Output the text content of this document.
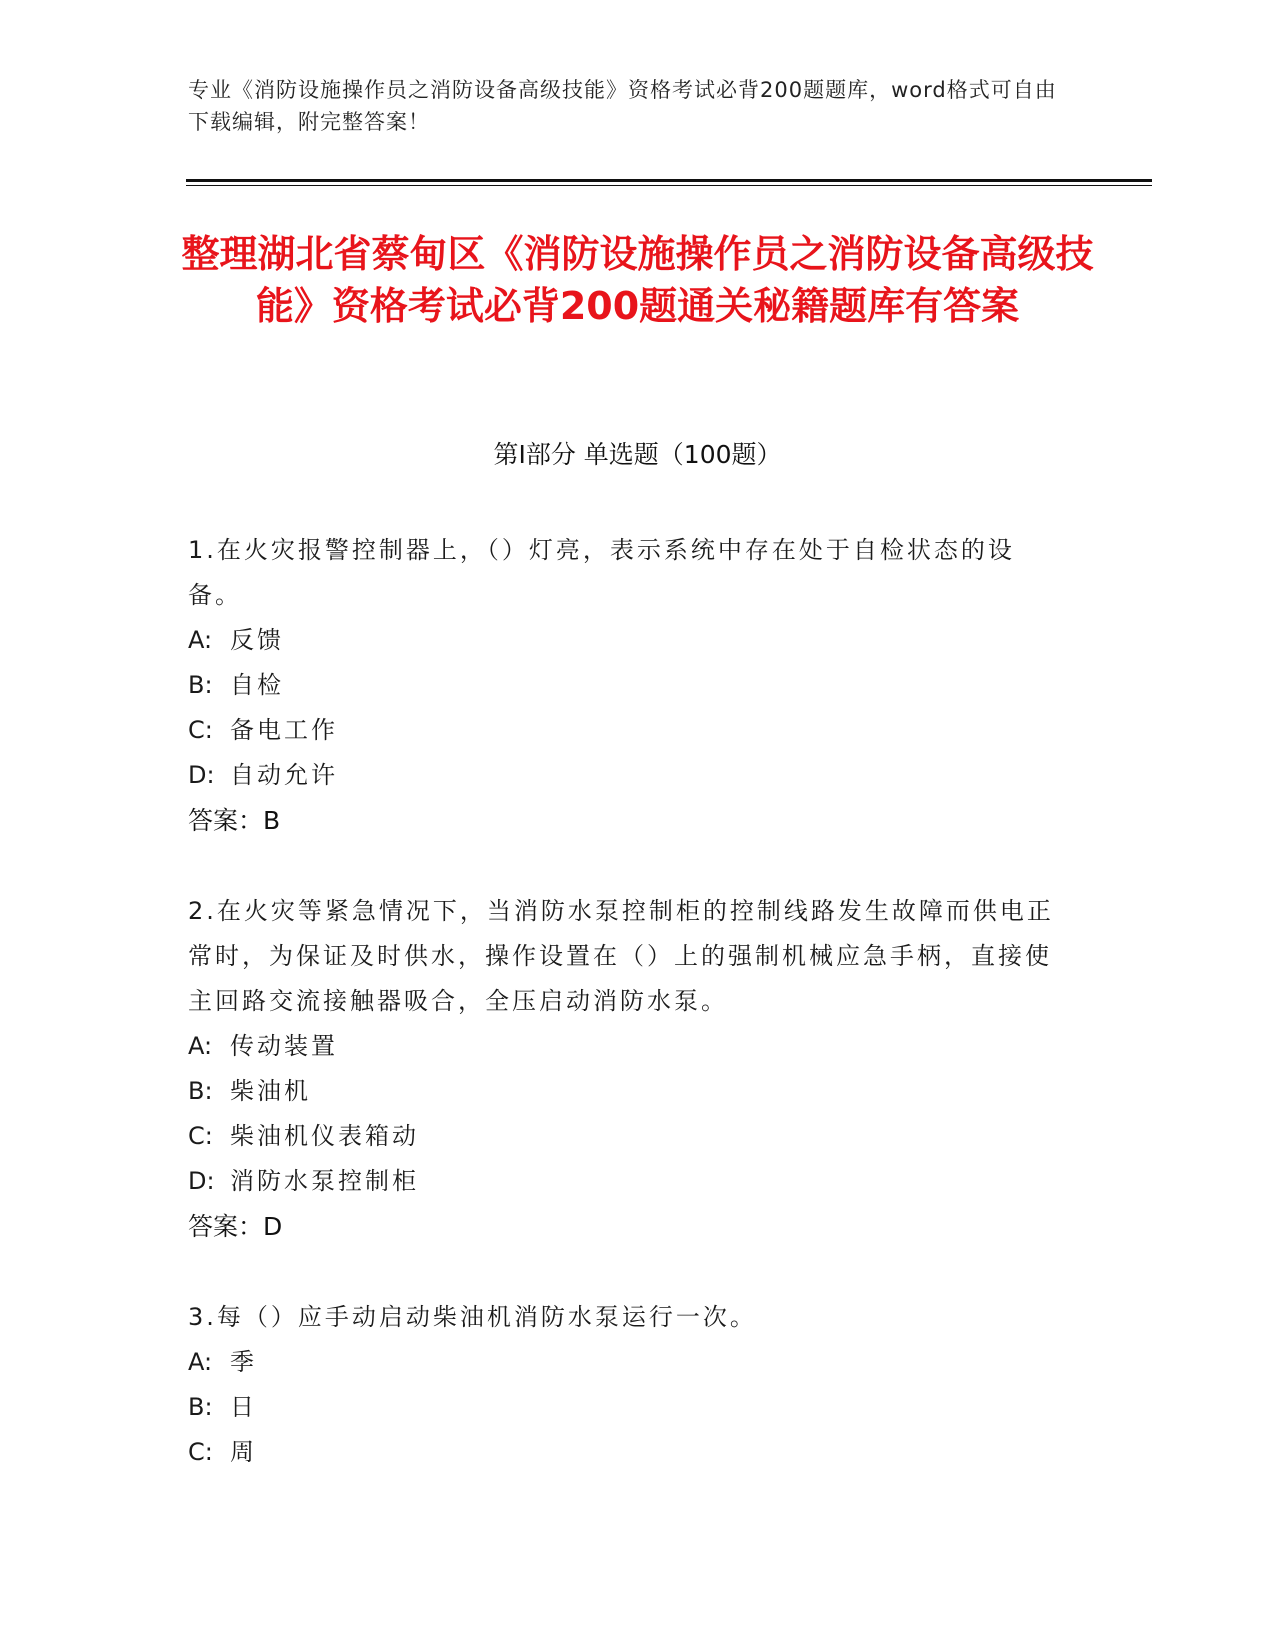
专业《消防设施操作员之消防设备高级技能》资格考试必背200题题库，word格式可自由下载编辑，附完整答案！
整理湖北省蔡甸区《消防设施操作员之消防设备高级技能》资格考试必背200题通关秘籍题库有答案
第I部分 单选题（100题）
1.在火灾报警控制器上，（）灯亮，表示系统中存在处于自检状态的设备。
A: 反馈
B: 自检
C: 备电工作
D: 自动允许
答案：B
2.在火灾等紧急情况下，当消防水泵控制柜的控制线路发生故障而供电正常时，为保证及时供水，操作设置在（）上的强制机械应急手柄，直接使主回路交流接触器吸合，全压启动消防水泵。
A: 传动装置
B: 柴油机
C: 柴油机仪表箱动
D: 消防水泵控制柜
答案：D
3.每（）应手动启动柴油机消防水泵运行一次。
A: 季
B: 日
C: 周
